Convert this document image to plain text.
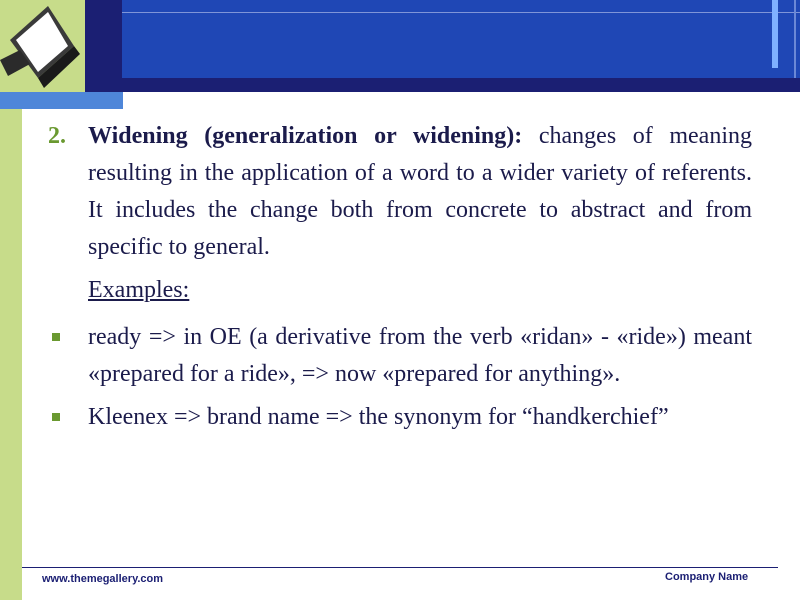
2. Widening (generalization or widening): changes of meaning resulting in the application of a word to a wider variety of referents. It includes the change both from concrete to abstract and from specific to general.

Examples:

ready => in OE (a derivative from the verb «ridan» - «ride») meant «prepared for a ride», => now «prepared for anything».

Kleenex => brand name => the synonym for “handkerchief”

www.themegallery.com	Company Name
